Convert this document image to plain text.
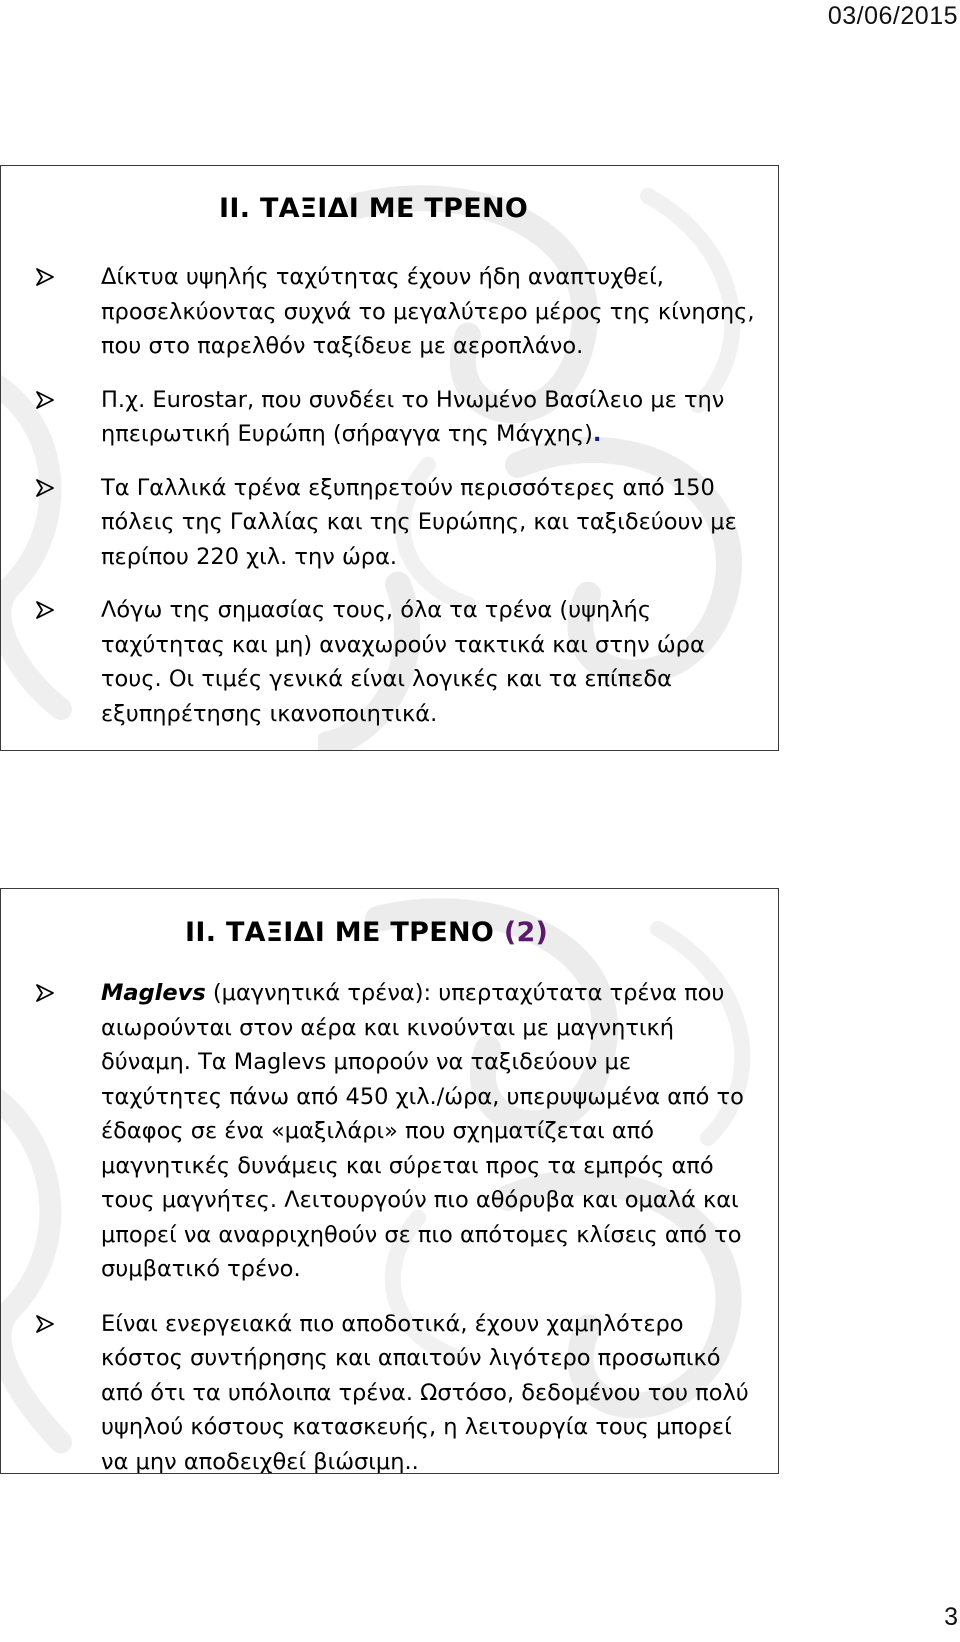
03/06/2015
II. ΤΑΞΙΔΙ ΜΕ ΤΡΕΝΟ
Δίκτυα υψηλής ταχύτητας έχουν ήδη αναπτυχθεί, προσελκύοντας συχνά το μεγαλύτερο μέρος της κίνησης, που στο παρελθόν ταξίδευε με αεροπλάνο.
Π.χ. Eurostar, που συνδέει το Ηνωμένο Βασίλειο με την ηπειρωτική Ευρώπη (σήραγγα της Μάγχης).
Τα Γαλλικά τρένα εξυπηρετούν περισσότερες από 150 πόλεις της Γαλλίας και της Ευρώπης, και ταξιδεύουν με περίπου 220 χιλ. την ώρα.
Λόγω της σημασίας τους, όλα τα τρένα (υψηλής ταχύτητας και μη) αναχωρούν τακτικά και στην ώρα τους. Οι τιμές γενικά είναι λογικές και τα επίπεδα εξυπηρέτησης ικανοποιητικά.
II. ΤΑΞΙΔΙ ΜΕ ΤΡΕΝΟ (2)
Maglevs (μαγνητικά τρένα): υπερταχύτατα τρένα που αιωρούνται στον αέρα και κινούνται με μαγνητική δύναμη. Τα Maglevs μπορούν να ταξιδεύουν με ταχύτητες πάνω από 450 χιλ./ώρα, υπερυψωμένα από το έδαφος σε ένα «μαξιλάρι» που σχηματίζεται από μαγνητικές δυνάμεις και σύρεται προς τα εμπρός από τους μαγνήτες. Λειτουργούν πιο αθόρυβα και ομαλά και μπορεί να αναρριχηθούν σε πιο απότομες κλίσεις από το συμβατικό τρένο.
Είναι ενεργειακά πιο αποδοτικά, έχουν χαμηλότερο κόστος συντήρησης και απαιτούν λιγότερο προσωπικό από ότι τα υπόλοιπα τρένα. Ωστόσο, δεδομένου του πολύ υψηλού κόστους κατασκευής, η λειτουργία τους μπορεί να μην αποδειχθεί βιώσιμη..
3
